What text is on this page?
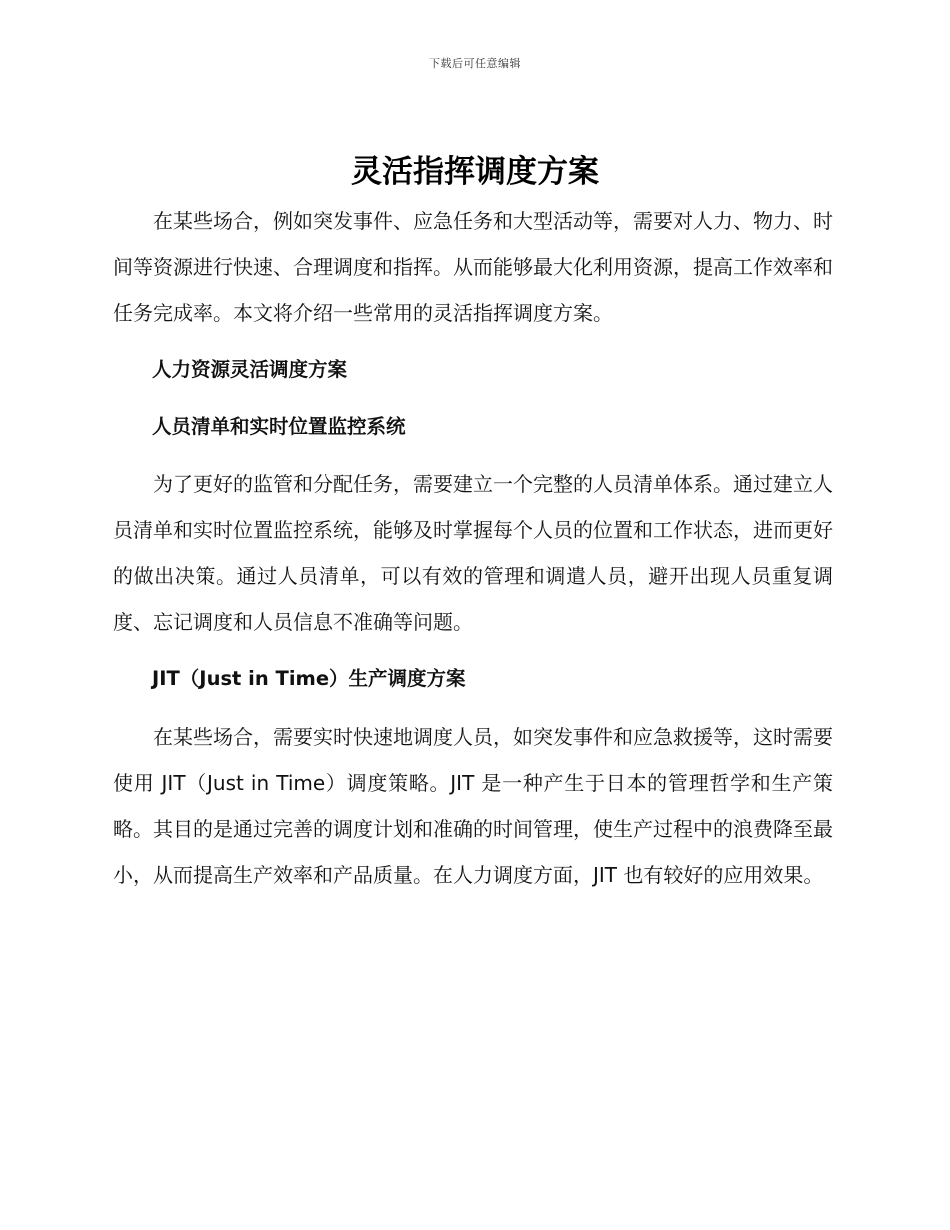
下载后可任意编辑
灵活指挥调度方案

在某些场合，例如突发事件、应急任务和大型活动等，需要对人力、物力、时间等资源进行快速、合理调度和指挥。从而能够最大化利用资源，提高工作效率和任务完成率。本文将介绍一些常用的灵活指挥调度方案。

人力资源灵活调度方案

人员清单和实时位置监控系统

为了更好的监管和分配任务，需要建立一个完整的人员清单体系。通过建立人员清单和实时位置监控系统，能够及时掌握每个人员的位置和工作状态，进而更好的做出决策。通过人员清单，可以有效的管理和调遣人员，避开出现人员重复调度、忘记调度和人员信息不准确等问题。

JIT（Just in Time）生产调度方案

在某些场合，需要实时快速地调度人员，如突发事件和应急救援等，这时需要使用 JIT（Just in Time）调度策略。JIT 是一种产生于日本的管理哲学和生产策略。其目的是通过完善的调度计划和准确的时间管理，使生产过程中的浪费降至最小，从而提高生产效率和产品质量。在人力调度方面，JIT 也有较好的应用效果。
